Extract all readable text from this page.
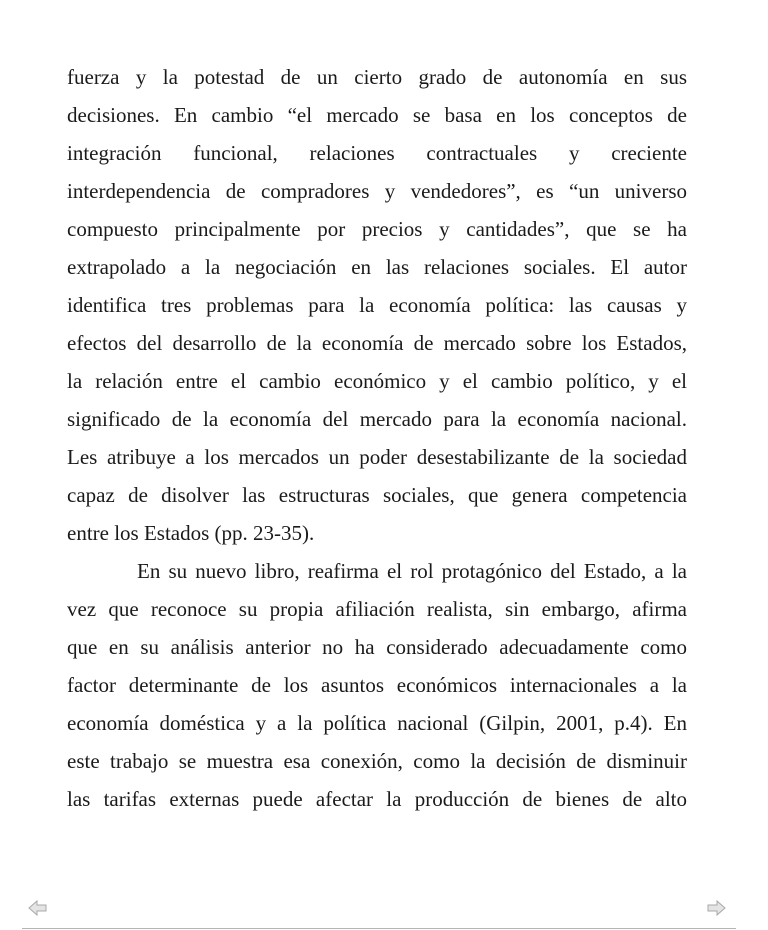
fuerza y la potestad de un cierto grado de autonomía en sus
decisiones. En cambio “el mercado se basa en los conceptos de
integración funcional, relaciones contractuales y creciente
interdependencia de compradores y vendedores”, es “un universo
compuesto principalmente por precios y cantidades”, que se ha
extrapolado a la negociación en las relaciones sociales. El autor
identifica tres problemas para la economía política: las causas y
efectos del desarrollo de la economía de mercado sobre los Estados,
la relación entre el cambio económico y el cambio político, y el
significado de la economía del mercado para la economía nacional.
Les atribuye a los mercados un poder desestabilizante de la sociedad
capaz de disolver las estructuras sociales, que genera competencia
entre los Estados (pp. 23-35).
En su nuevo libro, reafirma el rol protagónico del Estado, a la
vez que reconoce su propia afiliación realista, sin embargo, afirma
que en su análisis anterior no ha considerado adecuadamente como
factor determinante de los asuntos económicos internacionales a la
economía doméstica y a la política nacional (Gilpin, 2001, p.4). En
este trabajo se muestra esa conexión, como la decisión de disminuir
las tarifas externas puede afectar la producción de bienes de alto
